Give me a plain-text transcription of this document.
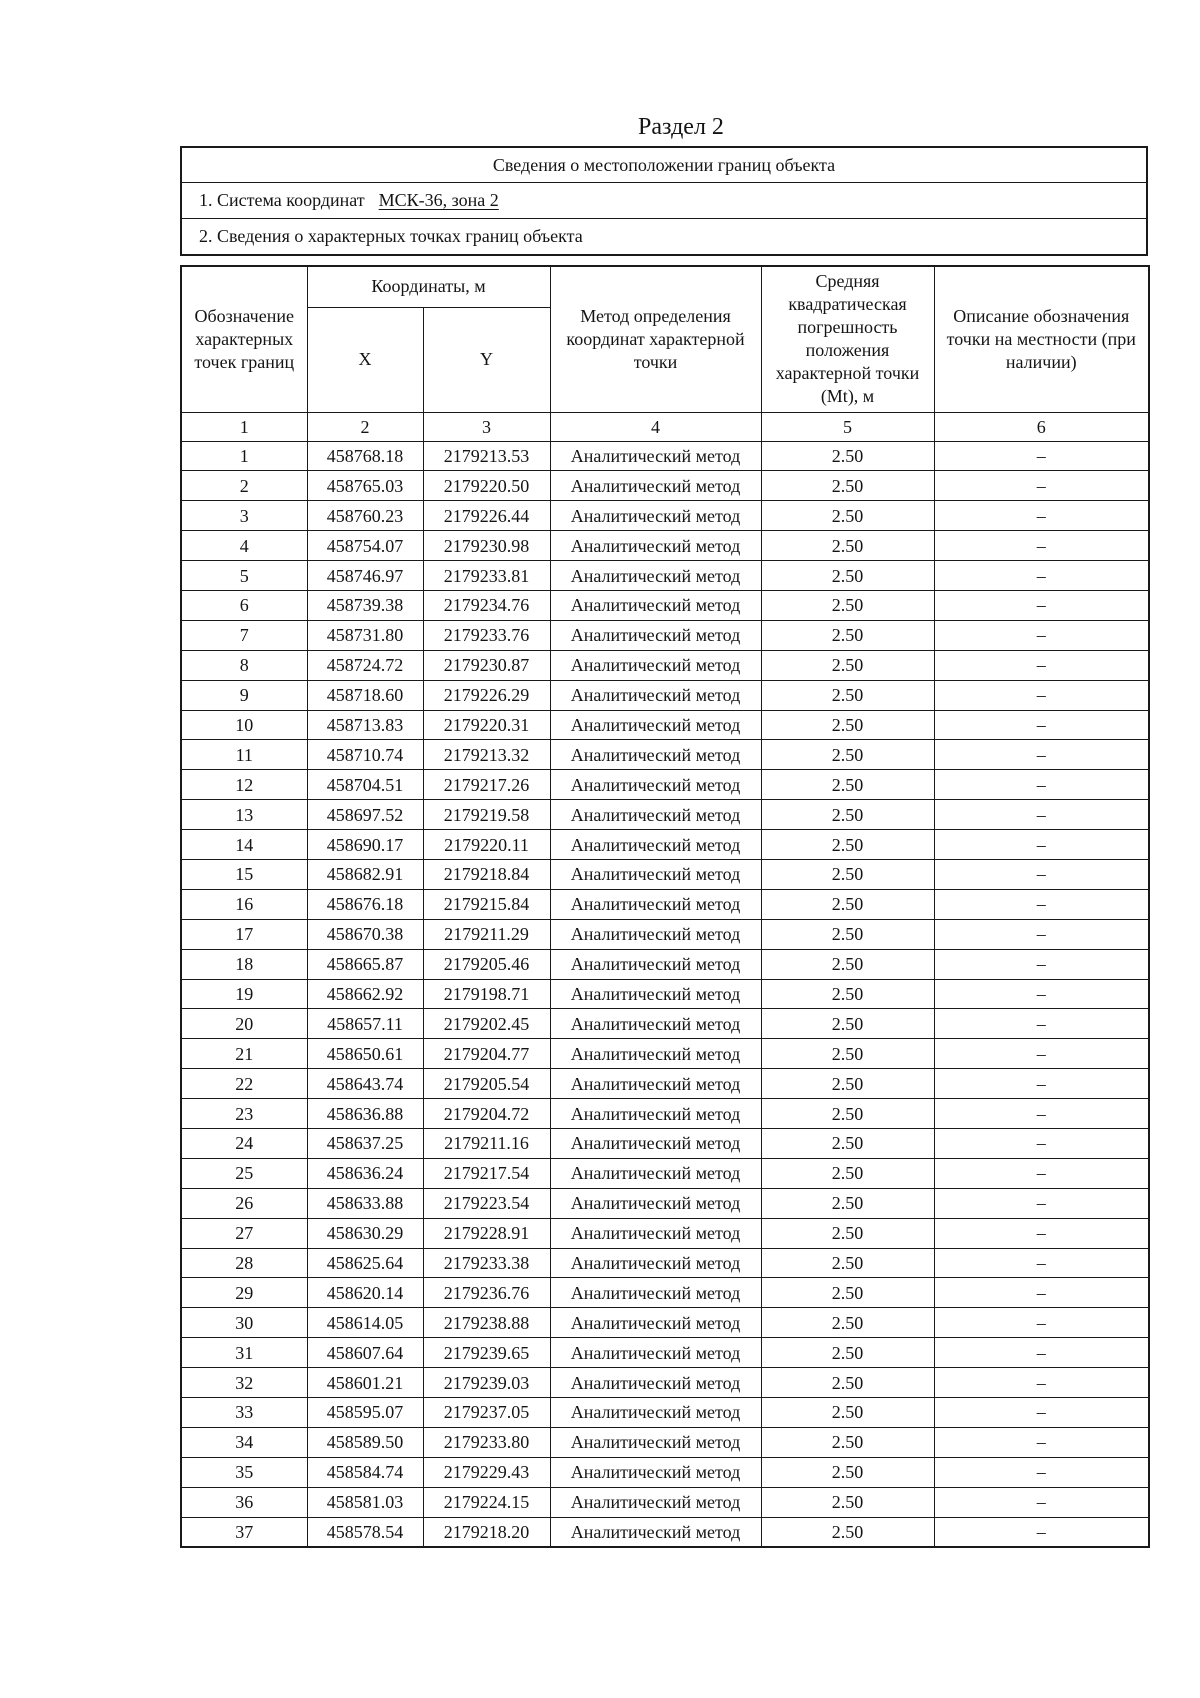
Раздел 2
Сведения о местоположении границ объекта
1. Система координат МСК-36, зона 2
2. Сведения о характерных точках границ объекта
Обозначение характерных точек границ	Координаты, м		Метод определения координат характерной точки	Средняя квадратическая погрешность положения характерной точки (Mt), м	Описание обозначения точки на местности (при наличии)
	X	Y			
1	2	3	4	5	6
1	458768.18	2179213.53	Аналитический метод	2.50	–
2	458765.03	2179220.50	Аналитический метод	2.50	–
3	458760.23	2179226.44	Аналитический метод	2.50	–
4	458754.07	2179230.98	Аналитический метод	2.50	–
5	458746.97	2179233.81	Аналитический метод	2.50	–
6	458739.38	2179234.76	Аналитический метод	2.50	–
7	458731.80	2179233.76	Аналитический метод	2.50	–
8	458724.72	2179230.87	Аналитический метод	2.50	–
9	458718.60	2179226.29	Аналитический метод	2.50	–
10	458713.83	2179220.31	Аналитический метод	2.50	–
11	458710.74	2179213.32	Аналитический метод	2.50	–
12	458704.51	2179217.26	Аналитический метод	2.50	–
13	458697.52	2179219.58	Аналитический метод	2.50	–
14	458690.17	2179220.11	Аналитический метод	2.50	–
15	458682.91	2179218.84	Аналитический метод	2.50	–
16	458676.18	2179215.84	Аналитический метод	2.50	–
17	458670.38	2179211.29	Аналитический метод	2.50	–
18	458665.87	2179205.46	Аналитический метод	2.50	–
19	458662.92	2179198.71	Аналитический метод	2.50	–
20	458657.11	2179202.45	Аналитический метод	2.50	–
21	458650.61	2179204.77	Аналитический метод	2.50	–
22	458643.74	2179205.54	Аналитический метод	2.50	–
23	458636.88	2179204.72	Аналитический метод	2.50	–
24	458637.25	2179211.16	Аналитический метод	2.50	–
25	458636.24	2179217.54	Аналитический метод	2.50	–
26	458633.88	2179223.54	Аналитический метод	2.50	–
27	458630.29	2179228.91	Аналитический метод	2.50	–
28	458625.64	2179233.38	Аналитический метод	2.50	–
29	458620.14	2179236.76	Аналитический метод	2.50	–
30	458614.05	2179238.88	Аналитический метод	2.50	–
31	458607.64	2179239.65	Аналитический метод	2.50	–
32	458601.21	2179239.03	Аналитический метод	2.50	–
33	458595.07	2179237.05	Аналитический метод	2.50	–
34	458589.50	2179233.80	Аналитический метод	2.50	–
35	458584.74	2179229.43	Аналитический метод	2.50	–
36	458581.03	2179224.15	Аналитический метод	2.50	–
37	458578.54	2179218.20	Аналитический метод	2.50	–
